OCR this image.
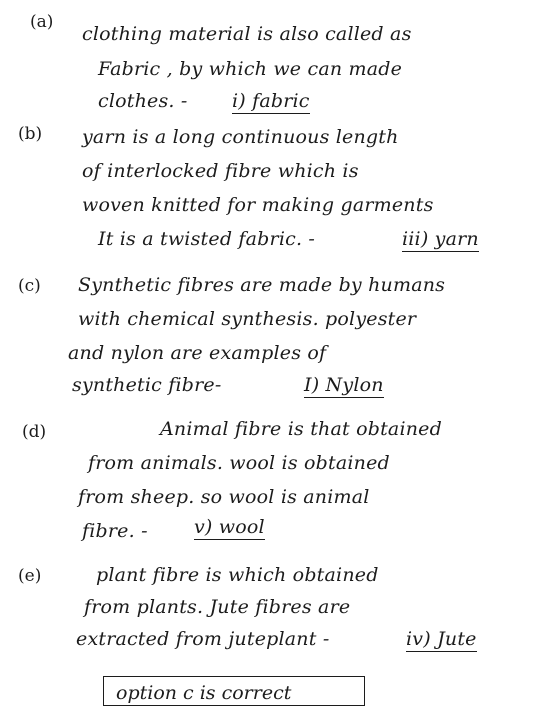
(a)
clothing material is also called as
Fabric , by which we can made
clothes. - i) fabric
(b) yarn is a long continuous length
of interlocked fibre which is
woven knitted for making garments
It is a twisted fabric. -	iii) yarn
(c) Synthetic fibres are made by humans
with chemical synthesis. polyester
and nylon are examples of
synthetic fibre-	I) Nylon
(d)	Animal fibre is that obtained
from animals. wool is obtained
from sheep. so wool is animal
fibre. - v) wool
(e)	plant fibre is which obtained
from plants. Jute fibres are
extracted from juteplant -	iv) Jute
option c is correct
